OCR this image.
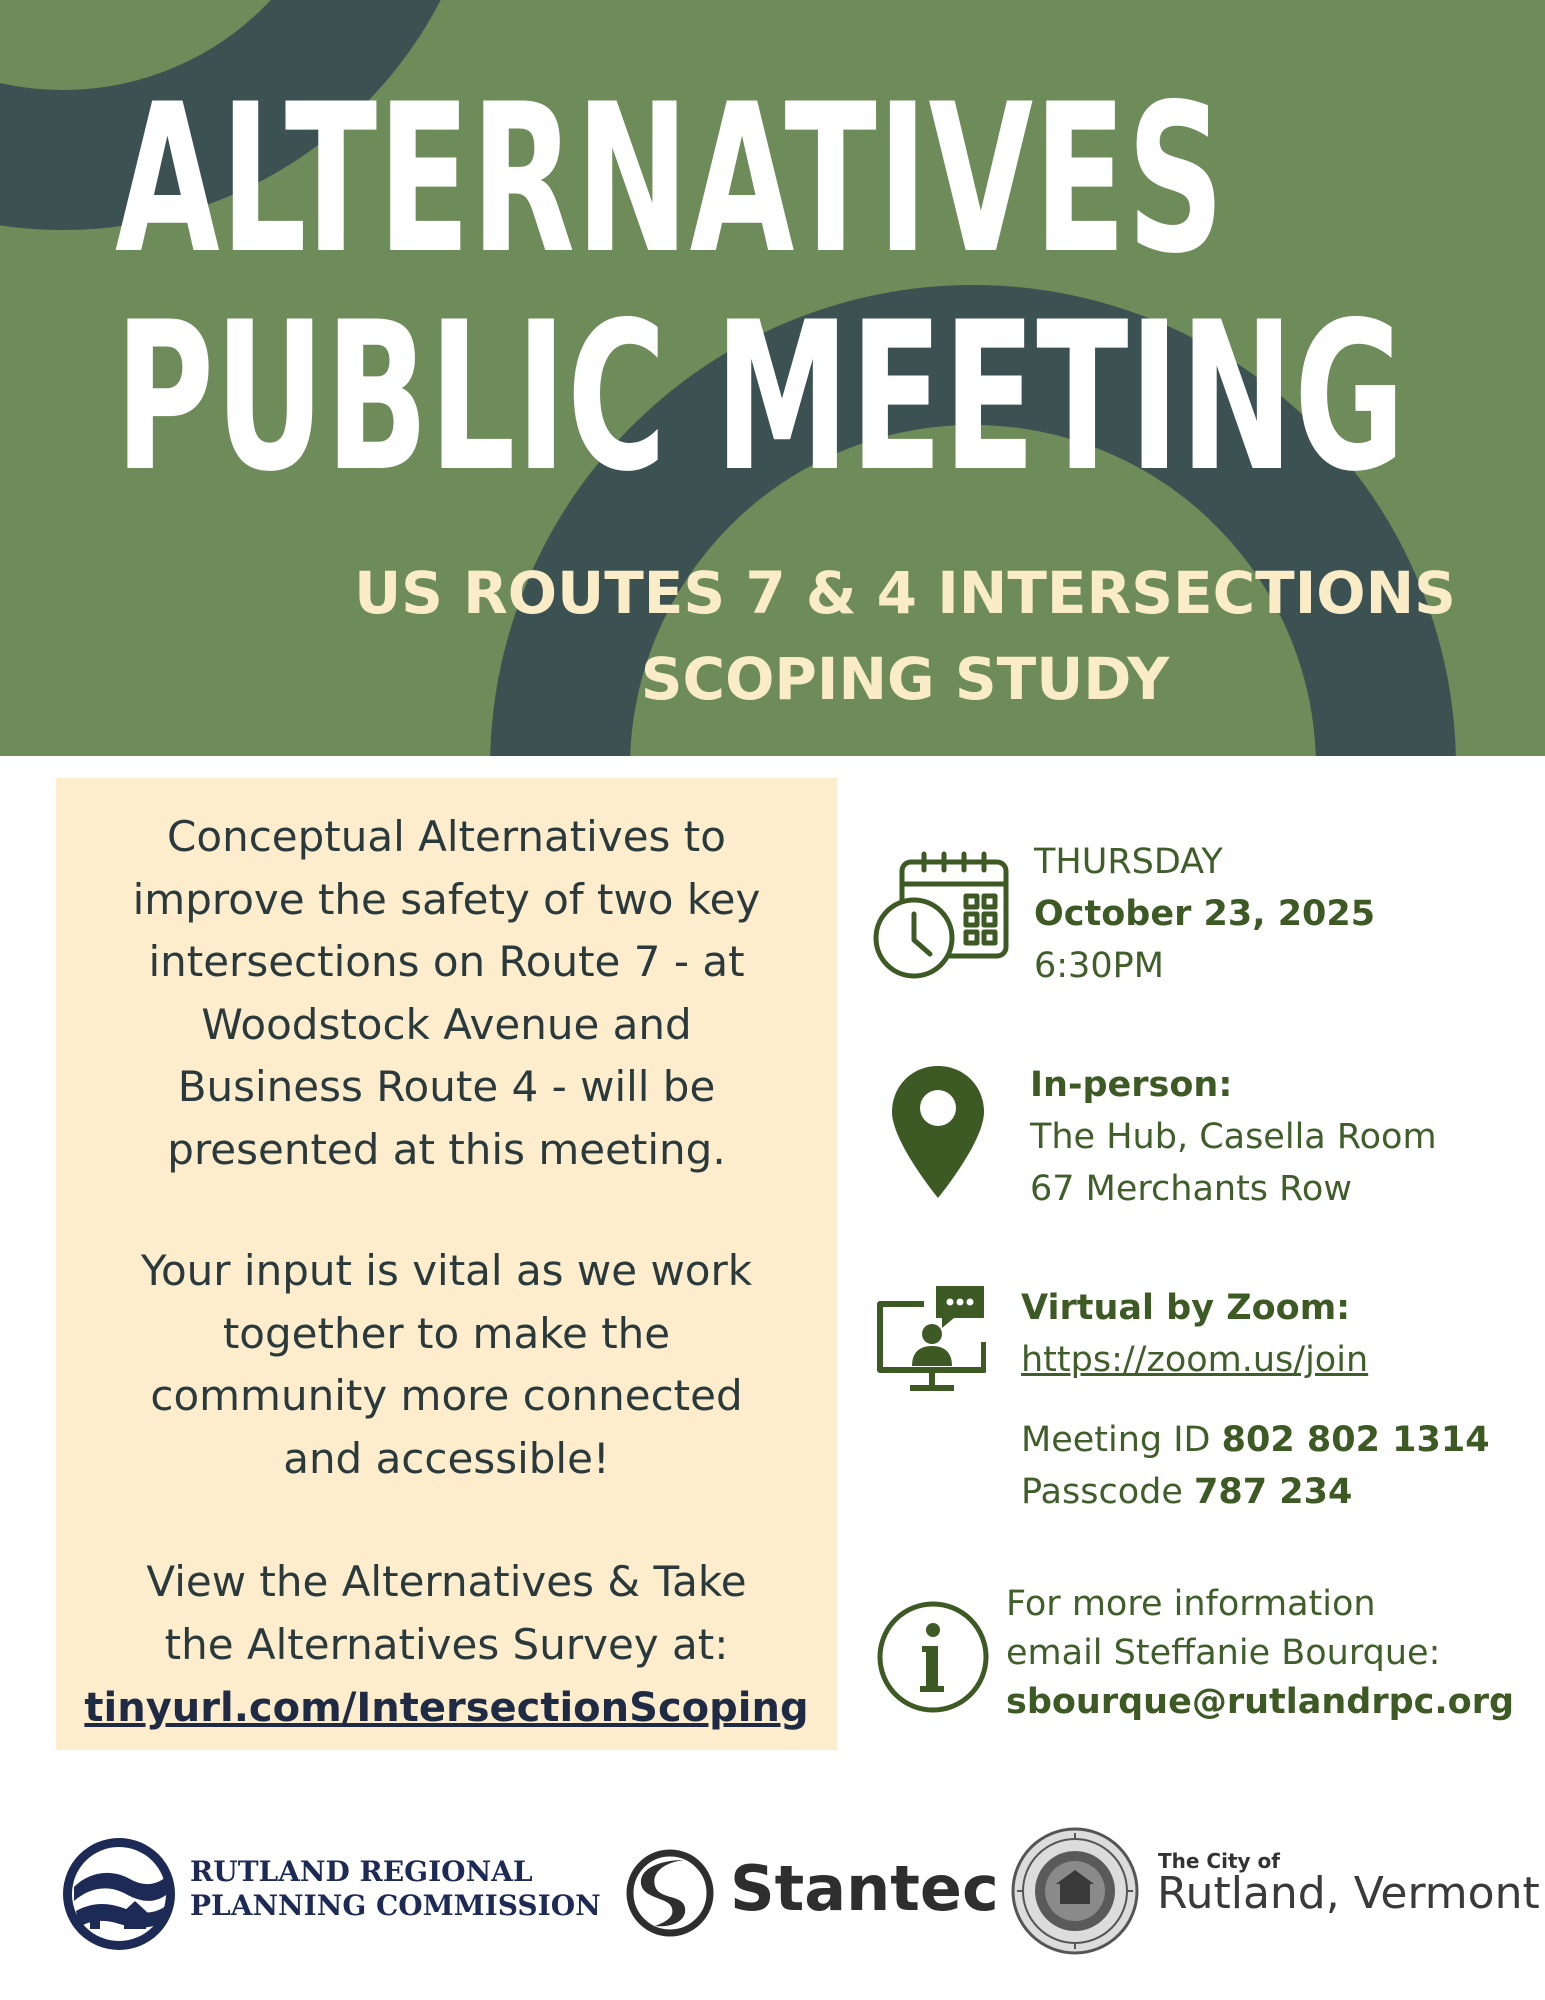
ALTERNATIVES
PUBLIC MEETING
US ROUTES 7 & 4 INTERSECTIONS
SCOPING STUDY
Conceptual Alternatives to
improve the safety of two key
intersections on Route 7 - at
Woodstock Avenue and
Business Route 4 - will be
presented at this meeting.
Your input is vital as we work
together to make the
community more connected
and accessible!
View the Alternatives & Take
the Alternatives Survey at:
tinyurl.com/IntersectionScoping
THURSDAY
October 23, 2025
6:30PM
In-person:
The Hub, Casella Room
67 Merchants Row
Virtual by Zoom:
https://zoom.us/join
Meeting ID 802 802 1314
Passcode 787 234
For more information
email Steffanie Bourque:
sbourque@rutlandrpc.org
RUTLAND REGIONAL
PLANNING COMMISSION Stantec	The City of
Rutland, Vermont
